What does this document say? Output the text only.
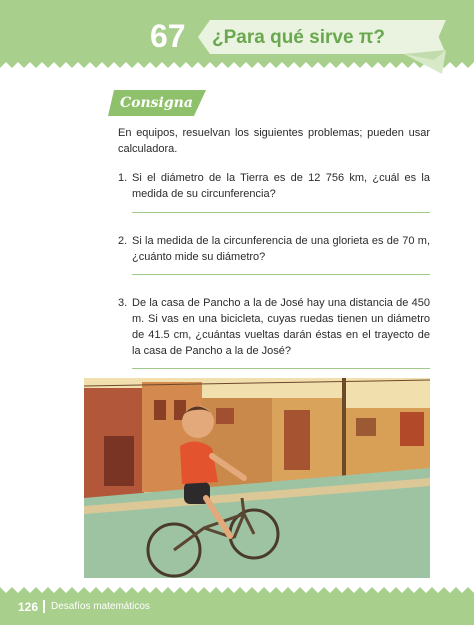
67	¿Para qué sirve π?
Consigna
En equipos, resuelvan los siguientes problemas; pueden usar calculadora.
1. Si el diámetro de la Tierra es de 12 756 km, ¿cuál es la medida de su circunferencia?
2. Si la medida de la circunferencia de una glorieta es de 70 m, ¿cuánto mide su diámetro?
3. De la casa de Pancho a la de José hay una distancia de 450 m. Si vas en una bicicleta, cuyas ruedas tienen un diámetro de 41.5 cm, ¿cuántas vueltas darán éstas en el trayecto de la casa de Pancho a la de José?
126 Desafíos matemáticos
